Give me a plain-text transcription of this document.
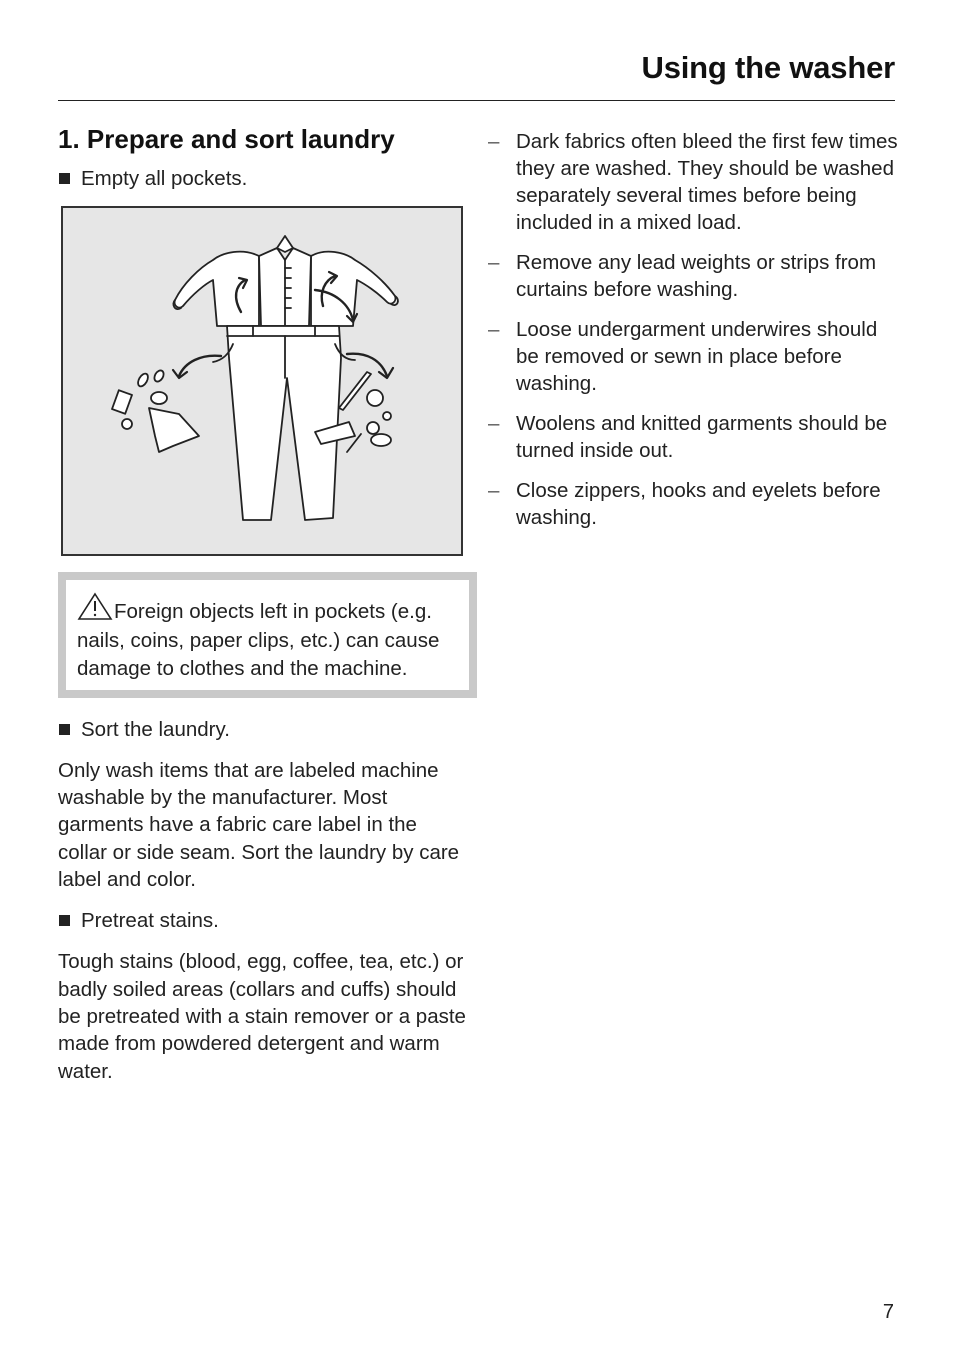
Using the washer
1. Prepare and sort laundry
Empty all pockets.
Foreign objects left in pockets (e.g. nails, coins, paper clips, etc.) can cause damage to clothes and the machine.
Sort the laundry.

Only wash items that are labeled machine washable by the manufacturer. Most garments have a fabric care label in the collar or side seam. Sort the laundry by care label and color.

Pretreat stains.

Tough stains (blood, egg, coffee, tea, etc.) or badly soiled areas (collars and cuffs) should be pretreated with a stain remover or a paste made from powdered detergent and warm water.

– Dark fabrics often bleed the first few times they are washed. They should be washed separately several times before being included in a mixed load.
– Remove any lead weights or strips from curtains before washing.
– Loose undergarment underwires should be removed or sewn in place before washing.
– Woolens and knitted garments should be turned inside out.
– Close zippers, hooks and eyelets before washing.
7
